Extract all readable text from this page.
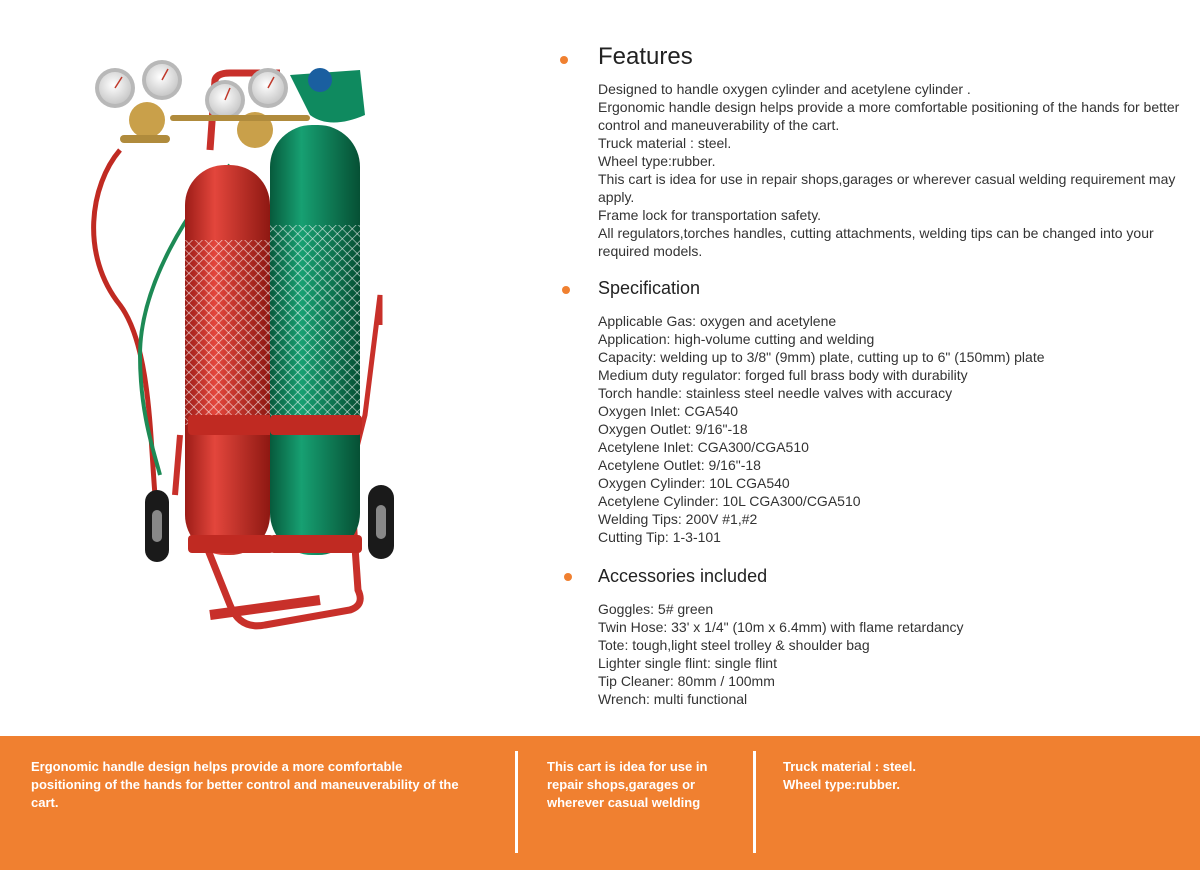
Features
Designed to handle oxygen cylinder and acetylene cylinder .
Ergonomic handle design helps provide a more comfortable positioning of the hands for better control and maneuverability of the cart.
Truck material : steel.
Wheel type:rubber.
This cart is idea for use in repair shops,garages or wherever casual welding requirement may apply.
Frame lock for transportation safety.
All regulators,torches handles, cutting attachments, welding tips can be changed into your required models.
Specification
Applicable Gas: oxygen and acetylene
Application: high-volume cutting and welding
Capacity: welding up to 3/8" (9mm) plate, cutting up to 6" (150mm) plate
Medium duty regulator: forged full brass body with durability
Torch handle: stainless steel needle valves with accuracy
Oxygen Inlet: CGA540
Oxygen Outlet: 9/16"-18
Acetylene Inlet: CGA300/CGA510
Acetylene Outlet: 9/16"-18
Oxygen Cylinder: 10L CGA540
Acetylene Cylinder: 10L CGA300/CGA510
Welding Tips: 200V #1,#2
Cutting Tip: 1-3-101
Accessories included
Goggles: 5# green
Twin Hose: 33' x 1/4" (10m x 6.4mm) with flame retardancy
Tote: tough,light steel trolley & shoulder bag
Lighter single flint: single flint
Tip Cleaner: 80mm / 100mm
Wrench: multi functional
Ergonomic handle design helps provide a more comfortable positioning of the hands for better control and maneuverability of the cart.
This cart is idea for use in repair shops,garages or wherever casual welding
Truck material : steel.
Wheel type:rubber.
